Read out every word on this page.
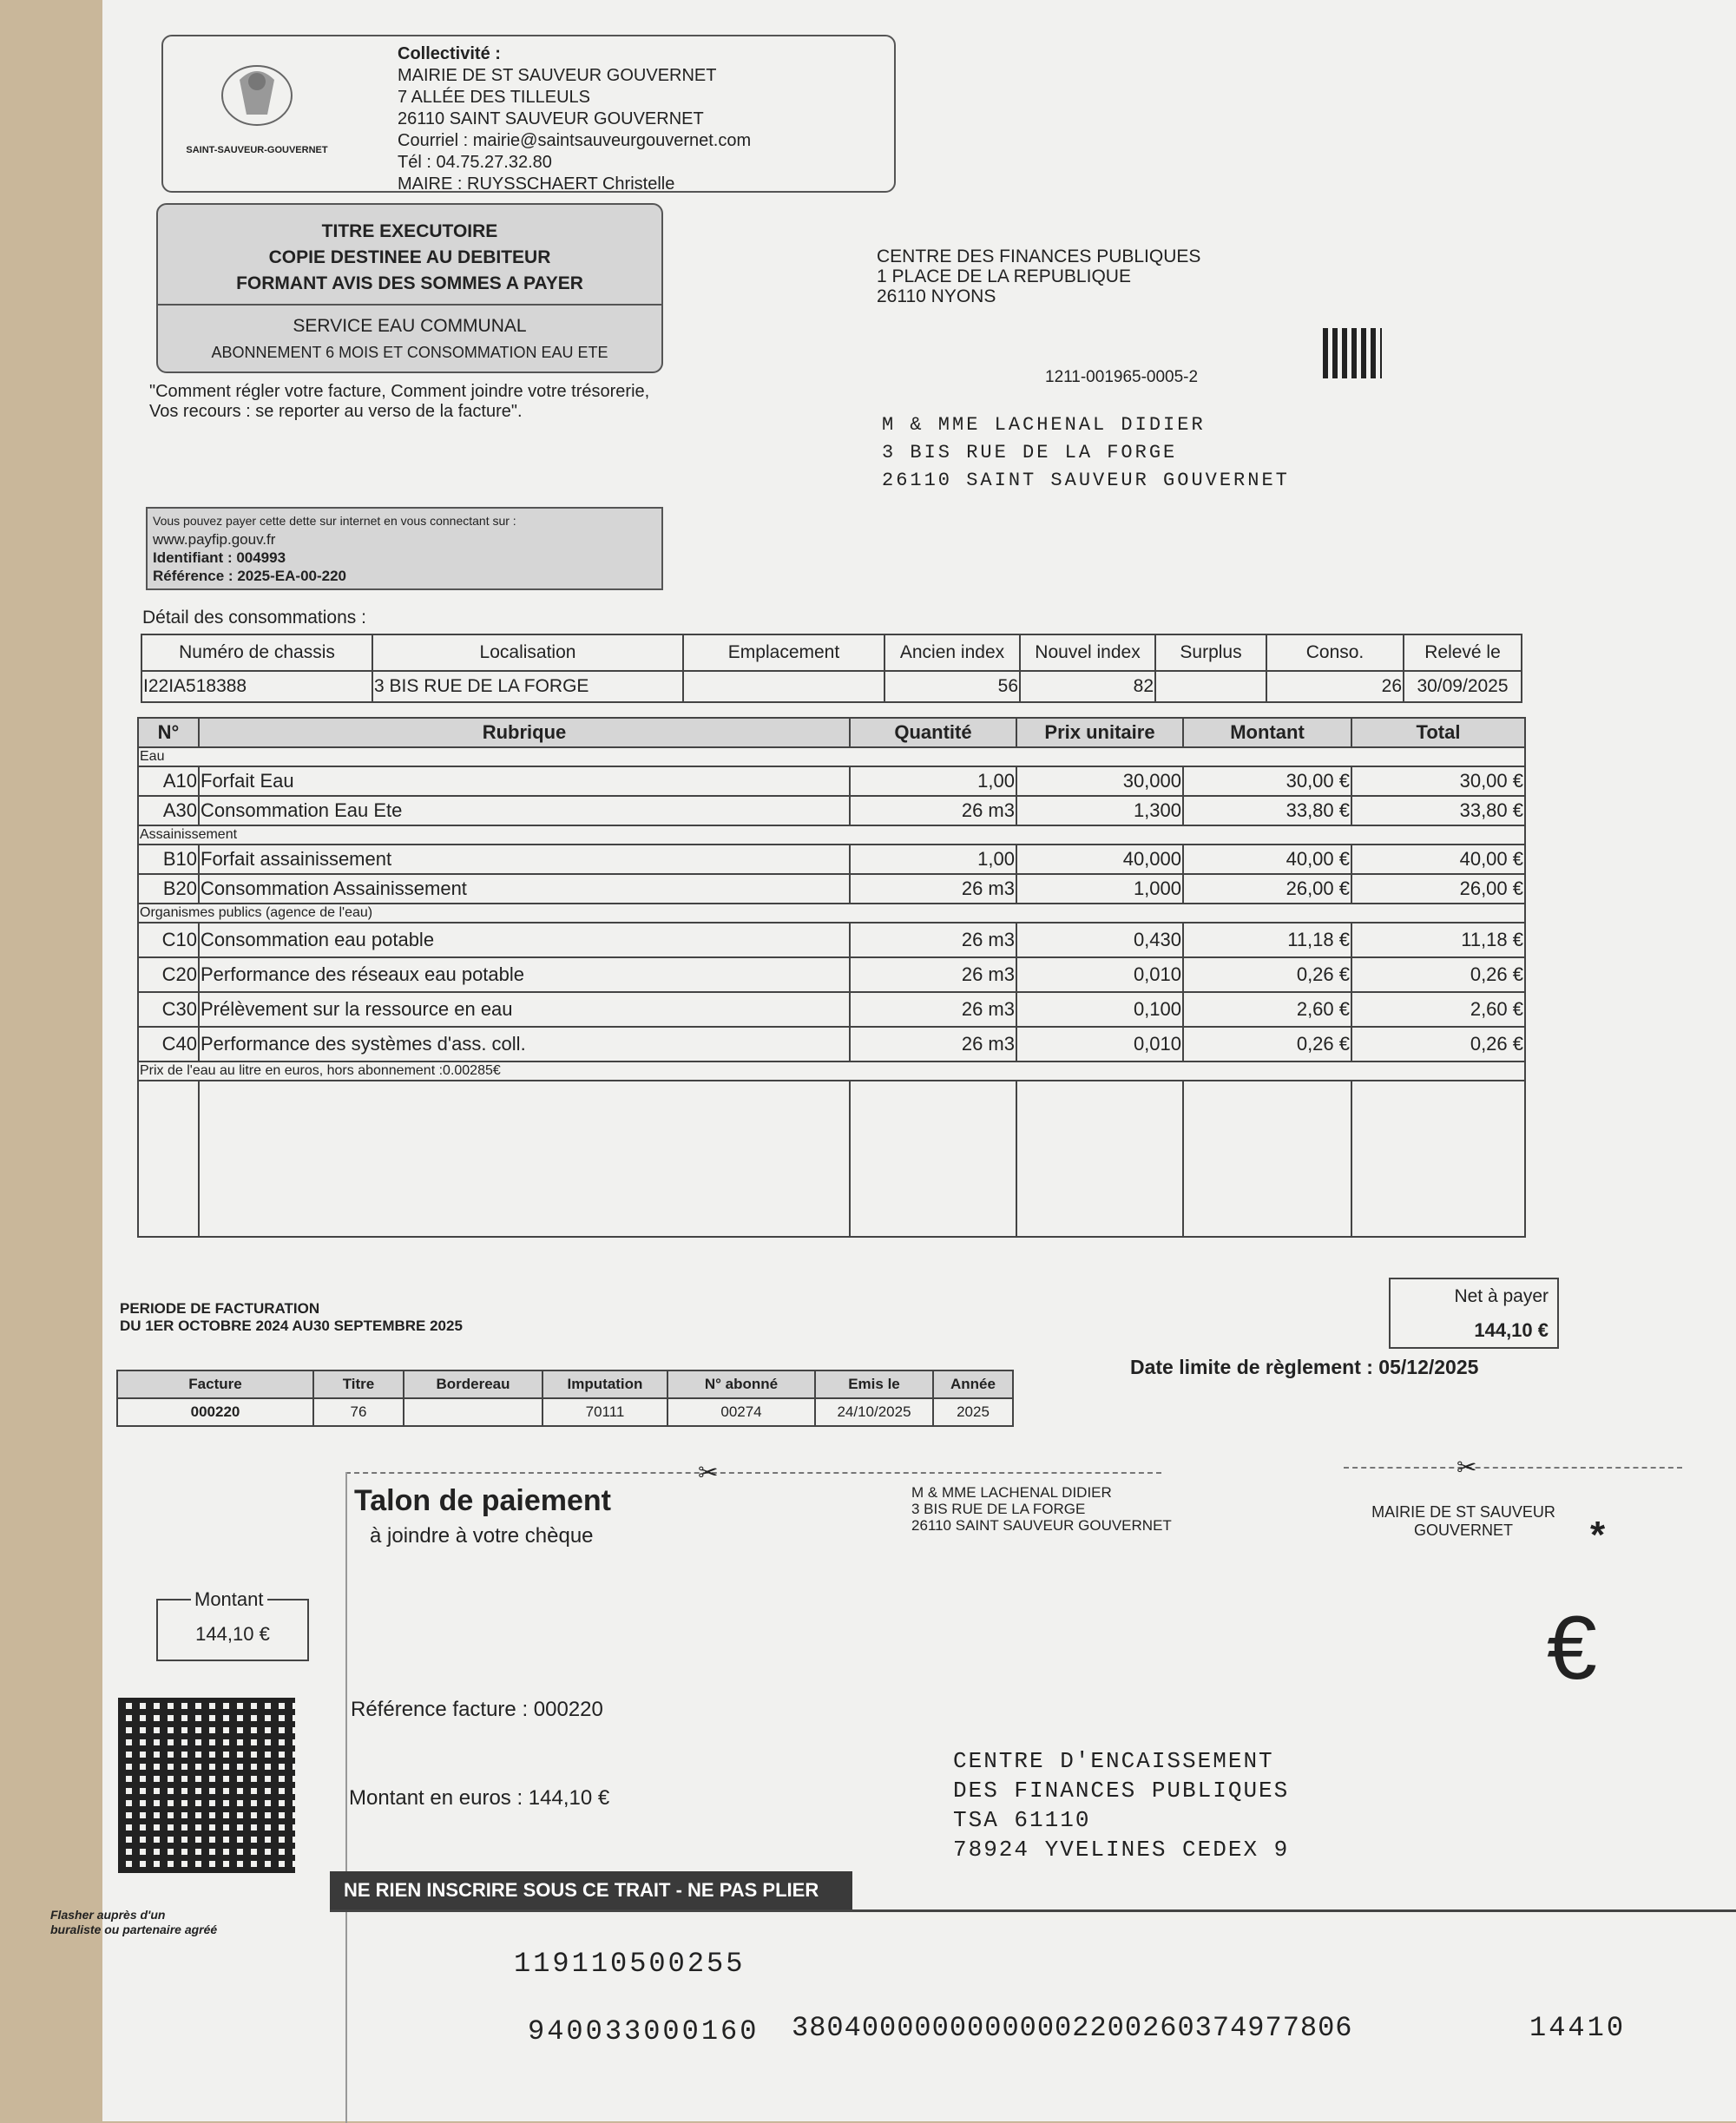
SAINT-SAUVEUR-GOUVERNET
Collectivité :
MAIRIE DE ST SAUVEUR GOUVERNET
7 ALLÉE DES TILLEULS
26110 SAINT SAUVEUR GOUVERNET
Courriel : mairie@saintsauveurgouvernet.com
Tél : 04.75.27.32.80
MAIRE : RUYSSCHAERT Christelle
TITRE EXECUTOIRE
COPIE DESTINEE AU DEBITEUR
FORMANT AVIS DES SOMMES A PAYER
SERVICE EAU COMMUNAL
ABONNEMENT 6 MOIS ET CONSOMMATION EAU ETE
"Comment régler votre facture, Comment joindre votre trésorerie, Vos recours : se reporter au verso de la facture".
Vous pouvez payer cette dette sur internet en vous connectant sur :
www.payfip.gouv.fr
Identifiant : 004993
Référence : 2025-EA-00-220
CENTRE DES FINANCES PUBLIQUES
1 PLACE DE LA REPUBLIQUE
26110 NYONS
1211-001965-0005-2
M & MME LACHENAL DIDIER
3 BIS RUE DE LA FORGE
26110 SAINT SAUVEUR GOUVERNET
Détail des consommations :
Numéro de chassis	Localisation	Emplacement	Ancien index	Nouvel index	Surplus	Conso.	Relevé le
I22IA518388	3 BIS RUE DE LA FORGE		56	82		26	30/09/2025
N°	Rubrique	Quantité	Prix unitaire	Montant	Total
Eau					
A10	Forfait Eau	1,00	30,000	30,00 €	30,00 €
A30	Consommation Eau Ete	26 m3	1,300	33,80 €	33,80 €
Assainissement					
B10	Forfait assainissement	1,00	40,000	40,00 €	40,00 €
B20	Consommation Assainissement	26 m3	1,000	26,00 €	26,00 €
Organismes publics (agence de l'eau)					
C10	Consommation eau potable	26 m3	0,430	11,18 €	11,18 €
C20	Performance des réseaux eau potable	26 m3	0,010	0,26 €	0,26 €
C30	Prélèvement sur la ressource en eau	26 m3	0,100	2,60 €	2,60 €
C40	Performance des systèmes d'ass. coll.	26 m3	0,010	0,26 €	0,26 €
Prix de l'eau au litre en euros, hors abonnement :0.00285€					

PERIODE DE FACTURATION
DU 1ER OCTOBRE 2024 AU30 SEPTEMBRE 2025
Net à payer
144,10 €
Date limite de règlement : 05/12/2025
Facture	Titre	Bordereau	Imputation	N° abonné	Emis le	Année
000220	76		70111	00274	24/10/2025	2025
✂	✂
Talon de paiement
à joindre à votre chèque
M & MME LACHENAL DIDIER
3 BIS RUE DE LA FORGE
26110 SAINT SAUVEUR GOUVERNET
MAIRIE DE ST SAUVEUR
GOUVERNET	*
€
Montant
144,10 €
Flasher auprès d'un
buraliste ou partenaire agréé
Référence facture : 000220
Montant en euros : 144,10 €
CENTRE D'ENCAISSEMENT
DES FINANCES PUBLIQUES
TSA 61110
78924 YVELINES CEDEX 9
NE RIEN INSCRIRE SOUS CE TRAIT - NE PAS PLIER
119110500255
940033000160 38040000000000002200260374977806	14410
